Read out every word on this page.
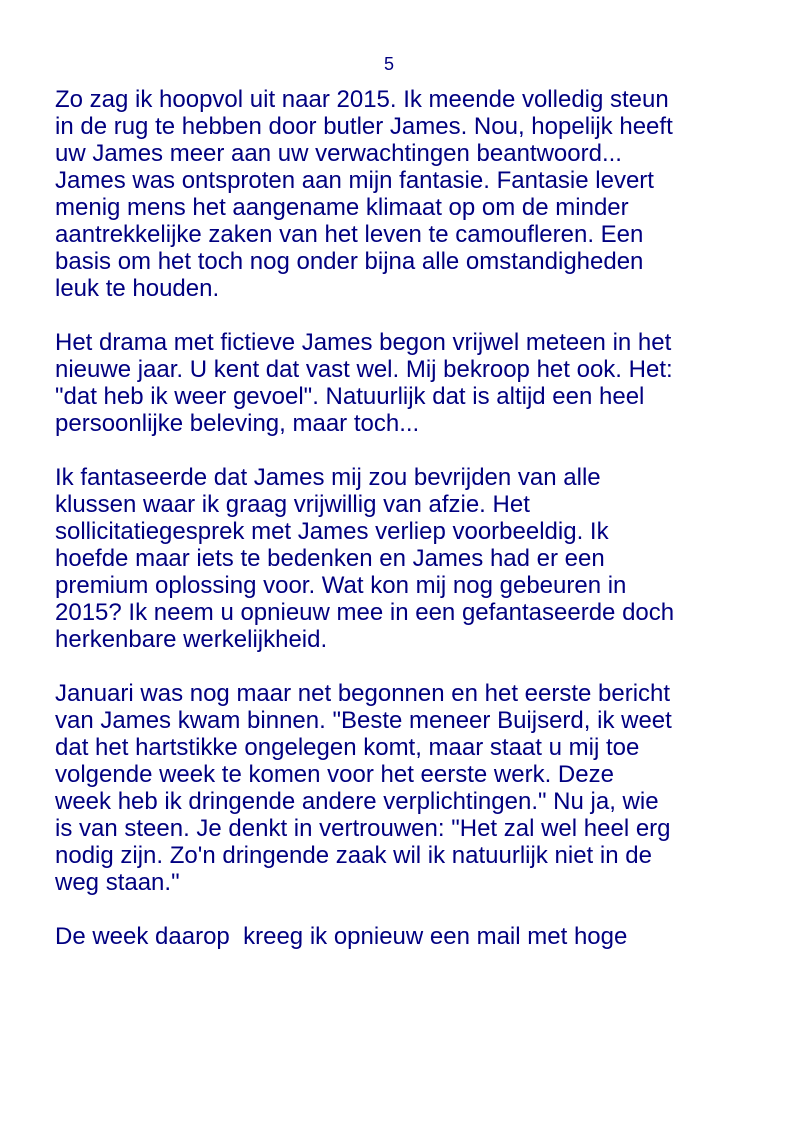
5
Zo zag ik hoopvol uit naar 2015. Ik meende volledig steun
in de rug te hebben door butler James. Nou, hopelijk heeft
uw James meer aan uw verwachtingen beantwoord...
James was ontsproten aan mijn fantasie. Fantasie levert
menig mens het aangename klimaat op om de minder
aantrekkelijke zaken van het leven te camoufleren. Een
basis om het toch nog onder bijna alle omstandigheden
leuk te houden.
Het drama met fictieve James begon vrijwel meteen in het
nieuwe jaar. U kent dat vast wel. Mij bekroop het ook. Het:
"dat heb ik weer gevoel". Natuurlijk dat is altijd een heel
persoonlijke beleving, maar toch...
Ik fantaseerde dat James mij zou bevrijden van alle
klussen waar ik graag vrijwillig van afzie. Het
sollicitatiegesprek met James verliep voorbeeldig. Ik
hoefde maar iets te bedenken en James had er een
premium oplossing voor. Wat kon mij nog gebeuren in
2015? Ik neem u opnieuw mee in een gefantaseerde doch
herkenbare werkelijkheid.
Januari was nog maar net begonnen en het eerste bericht
van James kwam binnen. "Beste meneer Buijserd, ik weet
dat het hartstikke ongelegen komt, maar staat u mij toe
volgende week te komen voor het eerste werk. Deze
week heb ik dringende andere verplichtingen." Nu ja, wie
is van steen. Je denkt in vertrouwen: "Het zal wel heel erg
nodig zijn. Zo'n dringende zaak wil ik natuurlijk niet in de
weg staan."
De week daarop  kreeg ik opnieuw een mail met hoge
